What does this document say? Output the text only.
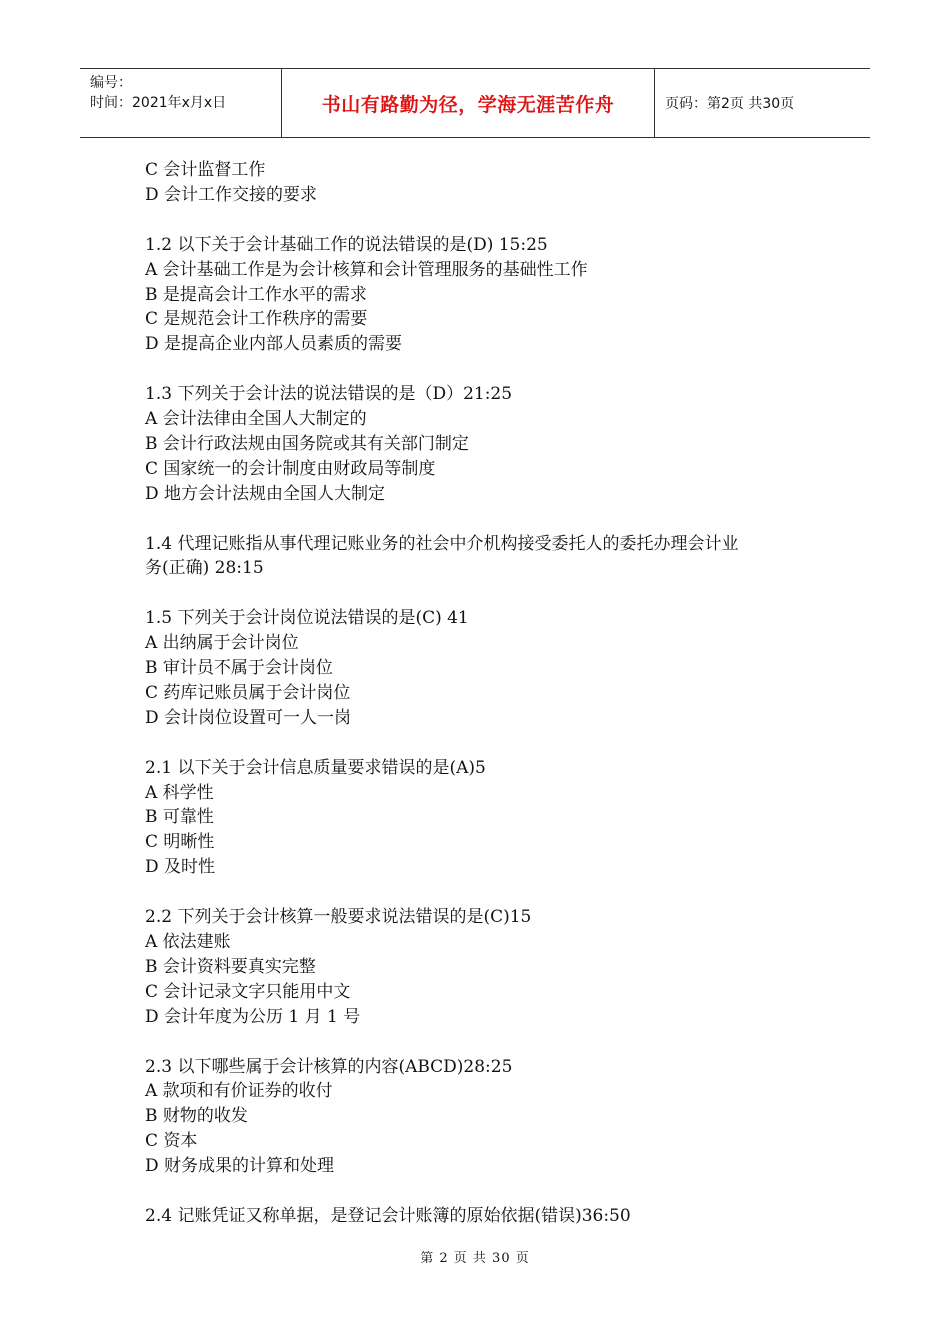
编号：
时间：2021年x月x日	书山有路勤为径，学海无涯苦作舟	页码：第2页 共30页

C 会计监督工作

D 会计工作交接的要求

1.2 以下关于会计基础工作的说法错误的是(D) 15:25

A 会计基础工作是为会计核算和会计管理服务的基础性工作

B 是提高会计工作水平的需求

C 是规范会计工作秩序的需要

D 是提高企业内部人员素质的需要

1.3 下列关于会计法的说法错误的是（D）21:25

A 会计法律由全国人大制定的

B 会计行政法规由国务院或其有关部门制定

C 国家统一的会计制度由财政局等制度

D 地方会计法规由全国人大制定

1.4 代理记账指从事代理记账业务的社会中介机构接受委托人的委托办理会计业

务(正确) 28:15

1.5 下列关于会计岗位说法错误的是(C) 41

A 出纳属于会计岗位

B 审计员不属于会计岗位

C 药库记账员属于会计岗位

D 会计岗位设置可一人一岗

2.1 以下关于会计信息质量要求错误的是(A)5

A 科学性

B 可靠性

C 明晰性

D 及时性

2.2 下列关于会计核算一般要求说法错误的是(C)15

A 依法建账

B 会计资料要真实完整

C 会计记录文字只能用中文

D 会计年度为公历 1 月 1 号

2.3 以下哪些属于会计核算的内容(ABCD)28:25

A 款项和有价证券的收付

B 财物的收发

C 资本

D 财务成果的计算和处理

2.4 记账凭证又称单据，是登记会计账簿的原始依据(错误)36:50

第 2 页 共 30 页
